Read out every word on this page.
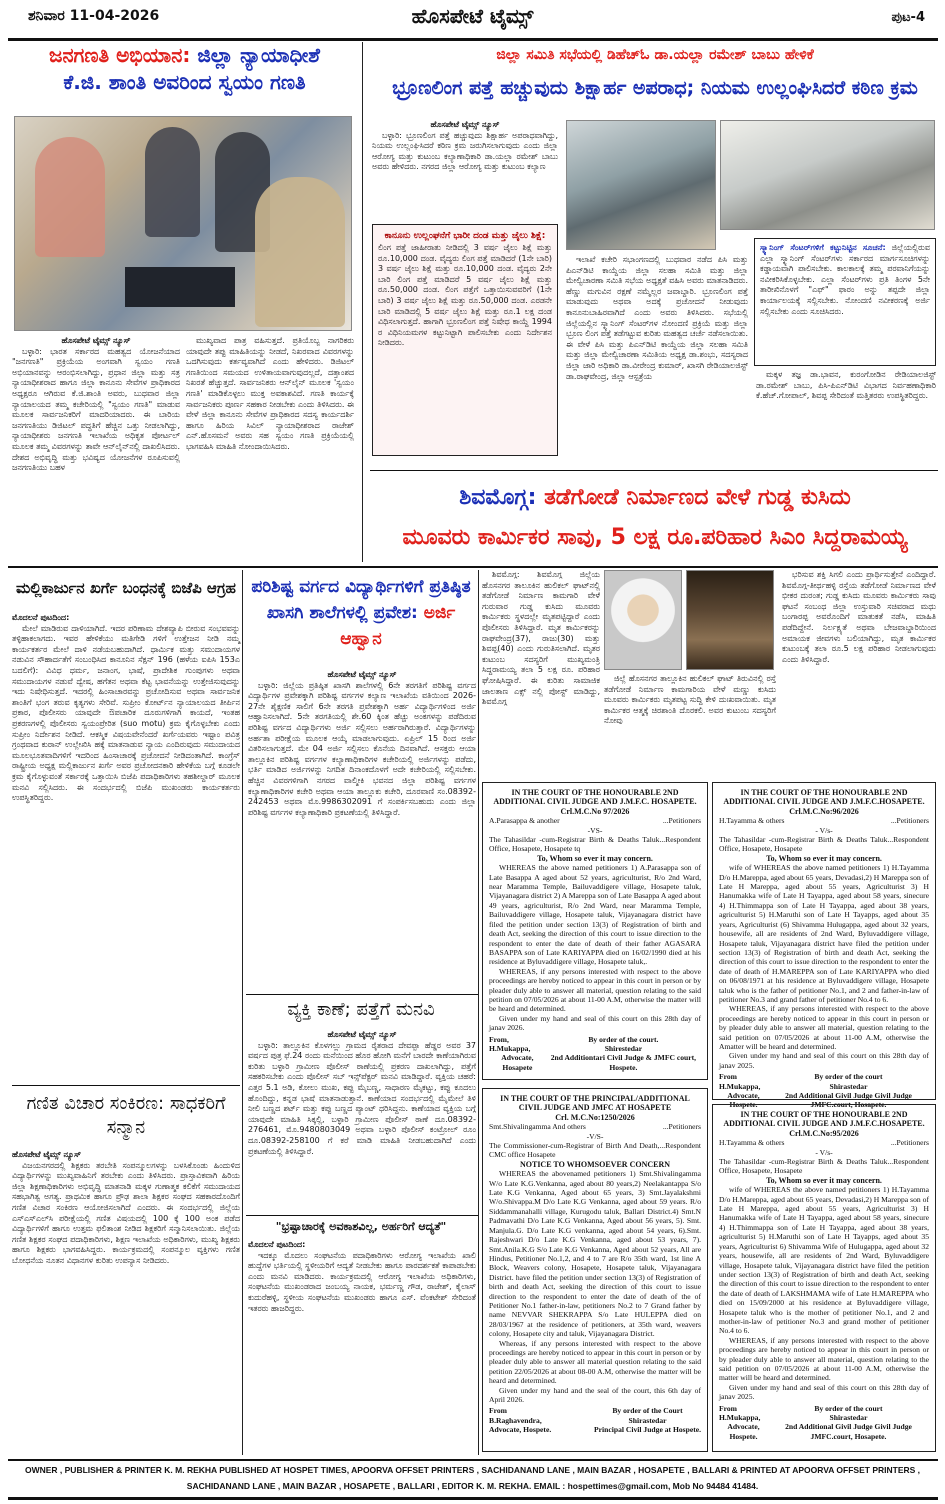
ಹೊಸಪೇಟೆ ಟೈಮ್ಸ್
ಶನಿವಾರ 11-04-2026	ಪುಟ-4
ಜನಗಣತಿ ಅಭಿಯಾನ: ಜಿಲ್ಲಾ ನ್ಯಾಯಾಧೀಶೆ
ಕೆ.ಜಿ. ಶಾಂತಿ ಅವರಿಂದ ಸ್ವಯಂ ಗಣತಿ
ಹೊಸಪೇಟೆ ಟೈಮ್ಸ್ ನ್ಯೂಸ್

ಬಳ್ಳಾರಿ: ಭಾರತ ಸರ್ಕಾರದ ಮಹತ್ವದ ಯೋಜನೆಯಾದ "ಜನಗಣತಿ" ಪ್ರಕ್ರಿಯೆಯ ಅಂಗವಾಗಿ ಸ್ವಯಂ ಗಣತಿ ಅಭಿಯಾನವನ್ನು ಆರಂಭಿಸಲಾಗಿದ್ದು, ಪ್ರಧಾನ ಜಿಲ್ಲಾ ಮತ್ತು ಸತ್ರ ನ್ಯಾಯಾಧೀಶರಾದ ಹಾಗೂ ಜಿಲ್ಲಾ ಕಾನೂನು ಸೇವೆಗಳ ಪ್ರಾಧಿಕಾರದ ಅಧ್ಯಕ್ಷರೂ ಆಗಿರುವ ಕೆ.ಜಿ.ಶಾಂತಿ ಅವರು, ಬುಧವಾರ ಜಿಲ್ಲಾ ನ್ಯಾಯಾಲಯದ ತಮ್ಮ ಕಚೇರಿಯಲ್ಲಿ "ಸ್ವಯಂ ಗಣತಿ" ಮಾಡುವ ಮೂಲಕ ಸಾರ್ವಜನಿಕರಿಗೆ ಮಾದರಿಯಾದರು. ಈ ಬಾರಿಯ ಜನಗಣತಿಯು ಡಿಜಿಟಲ್ ಪದ್ಧತಿಗೆ ಹೆಚ್ಚಿನ ಒತ್ತು ನೀಡಲಾಗಿದ್ದು, ನ್ಯಾಯಾಧೀಶರು ಜನಗಣತಿ ಇಲಾಖೆಯ ಅಧಿಕೃತ ಪೋರ್ಟಲ್ ಮೂಲಕ ತಮ್ಮ ವಿವರಗಳನ್ನು ತಾವೇ ಆನ್‌ಲೈನ್‌ನಲ್ಲಿ ದಾಖಲಿಸಿದರು. ದೇಶದ ಅಭಿವೃದ್ಧಿ ಮತ್ತು ಭವಿಷ್ಯದ ಯೋಜನೆಗಳ ರೂಪಿಸುವಲ್ಲಿ ಜನಗಣತಿಯು ಬಹಳ

ಮುಖ್ಯವಾದ ಪಾತ್ರ ವಹಿಸುತ್ತದೆ. ಪ್ರತಿಯೊಬ್ಬ ನಾಗರಿಕರು ಯಾವುದೇ ತಪ್ಪು ಮಾಹಿತಿಯನ್ನು ನೀಡದೆ, ನಿಖರವಾದ ವಿವರಗಳನ್ನು ಒದಗಿಸುವುದು ಕರ್ತವ್ಯವಾಗಿದೆ ಎಂದು ಹೇಳಿದರು. ಡಿಜಿಟಲ್ ಗಣತಿಯಿಂದ ಸಮಯದ ಉಳಿತಾಯವಾಗುವುದಲ್ಲದೆ, ದತ್ತಾಂಶದ ನಿಖರತೆ ಹೆಚ್ಚುತ್ತದೆ. ಸಾರ್ವಜನಿಕರು ಆನ್‌ಲೈನ್ ಮೂಲಕ 'ಸ್ವಯಂ ಗಣತಿ' ಮಾಡಿಕೊಳ್ಳಲು ಮುಕ್ತ ಅವಕಾಶವಿದೆ. ಗಣತಿ ಕಾರ್ಯಕ್ಕೆ ಸಾರ್ವಜನಿಕರು ಪೂರ್ಣ ಸಹಕಾರ ನೀಡಬೇಕು ಎಂದು ತಿಳಿಸಿದರು. ಈ ವೇಳೆ ಜಿಲ್ಲಾ ಕಾನೂನು ಸೇವೆಗಳ ಪ್ರಾಧಿಕಾರದ ಸದಸ್ಯ ಕಾರ್ಯದರ್ಶಿ ಹಾಗೂ ಹಿರಿಯ ಸಿವಿಲ್ ನ್ಯಾಯಾಧೀಶರಾದ ರಾಜೇಶ್ ಎನ್.ಹೊಸಮನೆ ಅವರು ಸಹ ಸ್ವಯಂ ಗಣತಿ ಪ್ರಕ್ರಿಯೆಯಲ್ಲಿ ಭಾಗವಹಿಸಿ ಮಾಹಿತಿ ನೋಂದಾಯಿಸಿದರು.

ಜಿಲ್ಲಾ ಸಮಿತಿ ಸಭೆಯಲ್ಲಿ ಡಿಹೆಚ್‌ಓ ಡಾ.ಯಲ್ಲಾ ರಮೇಶ್ ಬಾಬು ಹೇಳಿಕೆ
ಭ್ರೂಣಲಿಂಗ ಪತ್ತೆ ಹಚ್ಚುವುದು ಶಿಕ್ಷಾರ್ಹ ಅಪರಾಧ; ನಿಯಮ ಉಲ್ಲಂಘಿಸಿದರೆ ಕಠಿಣ ಕ್ರಮ
ಹೊಸಪೇಟೆ ಟೈಮ್ಸ್ ನ್ಯೂಸ್

ಬಳ್ಳಾರಿ: ಭ್ರೂಣಲಿಂಗ ಪತ್ತೆ ಹಚ್ಚುವುದು ಶಿಕ್ಷಾರ್ಹ ಅಪರಾಧವಾಗಿದ್ದು, ನಿಯಮ ಉಲ್ಲಂಘಿಸಿದರೆ ಕಠಿಣ ಕ್ರಮ ಜರುಗಿಸಲಾಗುವುದು ಎಂದು ಜಿಲ್ಲಾ ಆರೋಗ್ಯ ಮತ್ತು ಕುಟುಂಬ ಕಲ್ಯಾಣಾಧಿಕಾರಿ ಡಾ.ಯಲ್ಲಾ ರಮೇಶ್ ಬಾಬು ಅವರು ಹೇಳಿದರು. ನಗರದ ಜಿಲ್ಲಾ ಆರೋಗ್ಯ ಮತ್ತು ಕುಟುಂಬ ಕಲ್ಯಾಣ

ಕಾನೂನು ಉಲ್ಲಂಘನೆಗೆ ಭಾರೀ ದಂಡ ಮತ್ತು ಜೈಲು ಶಿಕ್ಷೆ:
ಲಿಂಗ ಪತ್ತೆ ಜಾಹೀರಾತು ನೀಡಿದಲ್ಲಿ 3 ವರ್ಷ ಜೈಲು ಶಿಕ್ಷೆ ಮತ್ತು ರೂ.10,000 ದಂಡ. ವೈದ್ಯರು ಲಿಂಗ ಪತ್ತೆ ಮಾಡಿದರೆ (1ನೇ ಬಾರಿ) 3 ವರ್ಷ ಜೈಲು ಶಿಕ್ಷೆ ಮತ್ತು ರೂ.10,000 ದಂಡ. ವೈದ್ಯರು 2ನೇ ಬಾರಿ ಲಿಂಗ ಪತ್ತೆ ಮಾಡಿದರೆ 5 ವರ್ಷ ಜೈಲು ಶಿಕ್ಷೆ ಮತ್ತು ರೂ.50,000 ದಂಡ. ಲಿಂಗ ಪತ್ತೆಗೆ ಒತ್ತಾಯಿಸುವವರಿಗೆ (1ನೇ ಬಾರಿ) 3 ವರ್ಷ ಜೈಲು ಶಿಕ್ಷೆ ಮತ್ತು ರೂ.50,000 ದಂಡ. ಎರಡನೇ ಬಾರಿ ಮಾಡಿದಲ್ಲಿ 5 ವರ್ಷ ಜೈಲು ಶಿಕ್ಷೆ ಮತ್ತು ರೂ.1 ಲಕ್ಷ ದಂಡ ವಿಧಿಸಲಾಗುತ್ತದೆ. ಹಾಗಾಗಿ ಭ್ರೂಣಲಿಂಗ ಪತ್ತೆ ನಿಷೇಧ ಕಾಯ್ದೆ 1994 ರ ವಿಧಿನಿಯಮಗಳ ಕಟ್ಟುನಿಟ್ಟಾಗಿ ಪಾಲಿಸಬೇಕು ಎಂದು ನಿರ್ದೇಶನ ನೀಡಿದರು.

ಇಲಾಖೆ ಕಚೇರಿ ಸಭಾಂಗಣದಲ್ಲಿ ಬುಧವಾರ ನಡೆದ ಪಿಸಿ ಮತ್ತು ಪಿಎನ್‌ಡಿಟಿ ಕಾಯ್ದೆಯ ಜಿಲ್ಲಾ ಸಲಹಾ ಸಮಿತಿ ಮತ್ತು ಜಿಲ್ಲಾ ಮೇಲ್ವಿಚಾರಣಾ ಸಮಿತಿ ಸಭೆಯ ಅಧ್ಯಕ್ಷತೆ ವಹಿಸಿ ಅವರು ಮಾತನಾಡಿದರು. ಹೆಣ್ಣು ಮಗುವಿನ ರಕ್ಷಣೆ ನಮ್ಮೆಲ್ಲರ ಜವಾಬ್ದಾರಿ. ಭ್ರೂಣಲಿಂಗ ಪತ್ತೆ ಮಾಡುವುದು ಅಥವಾ ಅದಕ್ಕೆ ಪ್ರಚೋದನೆ ನೀಡುವುದು ಕಾನೂನುಬಾಹಿರವಾಗಿದೆ ಎಂದು ಅವರು ತಿಳಿಸಿದರು. ಸಭೆಯಲ್ಲಿ ಜಿಲ್ಲೆಯಲ್ಲಿನ ಸ್ಕ್ಯಾನಿಂಗ್ ಸೆಂಟರ್‌ಗಳ ನೋಂದಣಿ ಪ್ರಕ್ರಿಯೆ ಮತ್ತು ಜಿಲ್ಲಾ ಭ್ರೂಣ ಲಿಂಗ ಪತ್ತೆ ತಡೆಗಟ್ಟುವ ಕುರಿತು ಮಹತ್ವದ ಚರ್ಚೆ ನಡೆಸಲಾಯಿತು. ಈ ವೇಳೆ ಪಿಸಿ ಮತ್ತು ಪಿಎನ್‌ಡಿಟಿ ಕಾಯ್ದೆಯ ಜಿಲ್ಲಾ ಸಲಹಾ ಸಮಿತಿ ಮತ್ತು ಜಿಲ್ಲಾ ಮೇಲ್ವಿಚಾರಣಾ ಸಮಿತಿಯ ಅಧ್ಯಕ್ಷ ಡಾ.ಶಂಭು, ಸದಸ್ಯರಾದ ಜಿಲ್ಲಾ ಜಾರಿ ಅಧಿಕಾರಿ ಡಾ.ವೀರೇಂದ್ರ ಕುಮಾರ್, ಖಾಸಗಿ ರೇಡಿಯಾಲಜಿಸ್ಟ್ ಡಾ.ರಾಘವೇಂದ್ರ, ಜಿಲ್ಲಾ ಆಸ್ಪತ್ರೆಯ

ಸ್ಕ್ಯಾನಿಂಗ್ ಸೆಂಟರ್‌ಗಳಿಗೆ ಕಟ್ಟುನಿಟ್ಟಿನ ಸೂಚನೆ: ಜಿಲ್ಲೆಯಲ್ಲಿರುವ ಎಲ್ಲಾ ಸ್ಕ್ಯಾನಿಂಗ್ ಸೆಂಟರ್‌ಗಳು ಸರ್ಕಾರದ ಮಾರ್ಗಸೂಚಿಗಳನ್ನು ಕಡ್ಡಾಯವಾಗಿ ಪಾಲಿಸಬೇಕು. ಕಾಲಕಾಲಕ್ಕೆ ತಮ್ಮ ಪರವಾನಿಗೆಯನ್ನು ನವೀಕರಿಸಿಕೊಳ್ಳಬೇಕು. ಎಲ್ಲಾ ಸೆಂಟರ್‌ಗಳು ಪ್ರತಿ ತಿಂಗಳ 5ನೇ ತಾರೀಖಿನೊಳಗೆ "ಎಫ್" ಫಾರಂ ಅನ್ನು ತಪ್ಪದೇ ಜಿಲ್ಲಾ ಕಾರ್ಯಾಲಯಕ್ಕೆ ಸಲ್ಲಿಸಬೇಕು. ನೋಂದಣಿ ನವೀಕರಣಕ್ಕೆ ಅರ್ಜಿ ಸಲ್ಲಿಸಬೇಕು ಎಂದು ಸೂಚಿಸಿದರು.

ಮಕ್ಕಳ ತಜ್ಞ ಡಾ.ಭಾವನ, ಕುರಂಗೋಡಿನ ರೇಡಿಯಾಲಜಿಸ್ಟ್ ಡಾ.ರಮೇಶ್ ಬಾಬು, ಪಿಸಿ-ಪಿಎನ್‌ಡಿಟಿ ವಿಭಾಗದ ನಿರ್ವಹಣಾಧಿಕಾರಿ ಕೆ.ಹೆಚ್.ಗೋಪಾಲ್, ಶಿವಪ್ಪ ಸೇರಿದಂತೆ ಮತ್ತಿತರರು ಉಪಸ್ಥಿತರಿದ್ದರು.

ಶಿವಮೊಗ್ಗ: ತಡೆಗೋಡೆ ನಿರ್ಮಾಣದ ವೇಳೆ ಗುಡ್ಡ ಕುಸಿದು
ಮೂವರು ಕಾರ್ಮಿಕರ ಸಾವು, 5 ಲಕ್ಷ ರೂ.ಪರಿಹಾರ ಸಿಎಂ ಸಿದ್ದರಾಮಯ್ಯ
ಮಲ್ಲಿಕಾರ್ಜುನ ಖರ್ಗೆ ಬಂಧನಕ್ಕೆ ಬಿಜೆಪಿ ಆಗ್ರಹ
ಮೊದಲನೆ ಪುಟದಿಂದ:

ಮೇಲೆ ಮಾಡಿರುವ ದಾಳಿಯಾಗಿದೆ. ಇದರ ಪರಿಣಾಮ ದೇಶವ್ಯಾಪಿ ಬೀರುವ ಸಂಭವವನ್ನು ತಳ್ಳಿಹಾಕಲಾಗದು. ಇವರ ಹೇಳಿಕೆಯು ಮತಿಗೇಡಿ ಗಳಿಗೆ ಉತ್ತೇಜನ ನೀಡಿ ನಮ್ಮ ಕಾರ್ಯಕರ್ತರ ಮೇಲೆ ದಾಳಿ ನಡೆಯಬಹುದಾಗಿದೆ. ಧಾರ್ಮಿಕ ಮತ್ತು ಸಮುದಾಯಗಳ ನಡುವಿನ ಸೌಹಾರ್ದತೆಗೆ ಸಂಬಂಧಿಸಿದ ಕಾನೂನಿನ ಸೆಕ್ಷನ್ 196 (ಹಳೆಯ ಐಪಿಸಿ 153ಎ ಬದಲಿಗೆ): ವಿವಿಧ ಧರ್ಮ, ಜನಾಂಗ, ಭಾಷೆ, ಪ್ರಾದೇಶಿಕ ಗುಂಪುಗಳು ಅಥವಾ ಸಮುದಾಯಗಳ ನಡುವೆ ದ್ವೇಷ, ಹಗೆತನ ಅಥವಾ ಕೆಟ್ಟ ಭಾವನೆಯನ್ನು ಉತ್ತೇಜಿಸುವುದನ್ನು ಇದು ನಿಷೇಧಿಸುತ್ತದೆ. ಇದರಲ್ಲಿ ಹಿಂಸಾಚಾರವನ್ನು ಪ್ರಚೋದಿಸುವ ಅಥವಾ ಸಾರ್ವಜನಿಕ ಶಾಂತಿಗೆ ಭಂಗ ತರುವ ಕೃತ್ಯಗಳು ಸೇರಿವೆ. ಸುಪ್ರೀಂ ಕೋರ್ಟ್‌ನ ನ್ಯಾಯಾಲಯದ ತೀರ್ಪಿನ ಪ್ರಕಾರ, ಪೊಲೀಸರು ಯಾವುದೇ ಔಪಚಾರಿಕ ದೂರುಗಳಿಗಾಗಿ ಕಾಯದೆ, ಇಂತಹ ಪ್ರಕರಣಗಳಲ್ಲಿ ಪೊಲೀಸರು ಸ್ವಯಂಪ್ರೇರಿತ (suo motu) ಕ್ರಮ ಕೈಗೊಳ್ಳಬೇಕು ಎಂದು ಸುಪ್ರೀಂ ನಿರ್ದೇಶನ ನೀಡಿದೆ. ಆಕಸ್ಮಿಕ ವಿಷಯವೇನೆಂದರೆ ಖರ್ಗೆಯವರು ಇಷ್ಟಾಂ ಪವಿತ್ರ ಗ್ರಂಥವಾದ ಕುರಾನ್ ಉಲ್ಲೇಖಿಸಿ ಹಕ್ಕೆ ಮಾತನಾಡುವ ನ್ಯಾಯ ಎಂದಿರುವುದು ಸಮುದಾಯದ ಮೂಲಭೂತವಾದಿಗಳಿಗೆ ಇದರಿಂದ ಹಿಂಸಾಚಾರಕ್ಕೆ ಪ್ರಚೋದನೆ ನೀಡಿದಂತಾಗಿದೆ. ಕಾಂಗ್ರೆಸ್ ರಾಷ್ಟ್ರೀಯ ಅಧ್ಯಕ್ಷ ಮಲ್ಲಿಕಾರ್ಜುನ ಖರ್ಗೆ ಅವರ ಪ್ರಚೋದನಕಾರಿ ಹೇಳಿಕೆಯ ಬಗ್ಗೆ ಕೂಡಲೇ ಕ್ರಮ ಕೈಗೊಳ್ಳುವಂತೆ ಸರ್ಕಾರಕ್ಕೆ ಒತ್ತಾಯಿಸಿ ಬಿಜೆಪಿ ಪದಾಧಿಕಾರಿಗಳು ತಹಶೀಲ್ದಾರ್ ಮೂಲಕ ಮನವಿ ಸಲ್ಲಿಸಿದರು. ಈ ಸಂದರ್ಭದಲ್ಲಿ ಬಿಜೆಪಿ ಮುಖಂಡರು ಕಾರ್ಯಕರ್ತರು ಉಪಸ್ಥಿತರಿದ್ದರು.

ಗಣಿತ ವಿಚಾರ ಸಂಕಿರಣ: ಸಾಧಕರಿಗೆ ಸನ್ಮಾನ
ಹೊಸಪೇಟೆ ಟೈಮ್ಸ್ ನ್ಯೂಸ್

ವಿಜಯನಗರದಲ್ಲಿ ಶಿಕ್ಷಕರು ತರಬೇತಿ ಸಂಪನ್ಮೂಲಗಳನ್ನು ಬಳಸಿಕೊಂಡು ಹಿಂದುಳಿದ ವಿದ್ಯಾರ್ಥಿಗಳನ್ನು ಮುಖ್ಯವಾಹಿನಿಗೆ ತರಬೇಕು ಎಂದು ತಿಳಿಸಿದರು. ಪ್ರಾಸ್ತಾವಿಕವಾಗಿ ಹಿರಿಯ ಜಿಲ್ಲಾ ಶಿಕ್ಷಣಾಧಿಕಾರಿಗಳು ಅಭಿವೃದ್ಧಿ ಮಾತನಾಡಿ ಮಕ್ಕಳ ಗುಣಾತ್ಮಕ ಕಲಿಕೆಗೆ ಸಮುದಾಯದ ಸಹಭಾಗಿತ್ವ ಅಗತ್ಯ. ಪ್ರಾಥಮಿಕ ಹಾಗೂ ಪ್ರೌಢ ಶಾಲಾ ಶಿಕ್ಷಕರ ಸಂಘದ ಸಹಕಾರದೊಂದಿಗೆ ಗಣಿತ ವಿಚಾರ ಸಂಕಿರಣ ಆಯೋಜಿಸಲಾಗಿದೆ ಎಂದರು. ಈ ಸಂದರ್ಭದಲ್ಲಿ ಜಿಲ್ಲೆಯ ಎಸ್‌ಎಸ್‌ಎಲ್‌ಸಿ ಪರೀಕ್ಷೆಯಲ್ಲಿ ಗಣಿತ ವಿಷಯದಲ್ಲಿ 100 ಕ್ಕೆ 100 ಅಂಕ ಪಡೆದ ವಿದ್ಯಾರ್ಥಿಗಳಿಗೆ ಹಾಗೂ ಉತ್ತಮ ಫಲಿತಾಂಶ ನೀಡಿದ ಶಿಕ್ಷಕರಿಗೆ ಸನ್ಮಾನಿಸಲಾಯಿತು. ಜಿಲ್ಲೆಯ ಗಣಿತ ಶಿಕ್ಷಕರ ಸಂಘದ ಪದಾಧಿಕಾರಿಗಳು, ಶಿಕ್ಷಣ ಇಲಾಖೆಯ ಅಧಿಕಾರಿಗಳು, ಮುಖ್ಯ ಶಿಕ್ಷಕರು ಹಾಗೂ ಶಿಕ್ಷಕರು ಭಾಗವಹಿಸಿದ್ದರು. ಕಾರ್ಯಕ್ರಮದಲ್ಲಿ ಸಂಪನ್ಮೂಲ ವ್ಯಕ್ತಿಗಳು ಗಣಿತ ಬೋಧನೆಯ ನೂತನ ವಿಧಾನಗಳ ಕುರಿತು ಉಪನ್ಯಾಸ ನೀಡಿದರು.

ಪರಿಶಿಷ್ಟ ವರ್ಗದ ವಿದ್ಯಾರ್ಥಿಗಳಿಗೆ ಪ್ರತಿಷ್ಠಿತ ಖಾಸಗಿ ಶಾಲೆಗಳಲ್ಲಿ ಪ್ರವೇಶ: ಅರ್ಜಿ ಆಹ್ವಾನ
ಹೊಸಪೇಟೆ ಟೈಮ್ಸ್ ನ್ಯೂಸ್

ಬಳ್ಳಾರಿ: ಜಿಲ್ಲೆಯ ಪ್ರತಿಷ್ಠಿತ ಖಾಸಗಿ ಶಾಲೆಗಳಲ್ಲಿ 6ನೇ ತರಗತಿಗೆ ಪರಿಶಿಷ್ಟ ವರ್ಗದ ವಿದ್ಯಾರ್ಥಿಗಳ ಪ್ರವೇಶಕ್ಕಾಗಿ ಪರಿಶಿಷ್ಟ ವರ್ಗಗಳ ಕಲ್ಯಾಣ ಇಲಾಖೆಯ ವತಿಯಿಂದ 2026-27ನೇ ಶೈಕ್ಷಣಿಕ ಸಾಲಿಗೆ 6ನೇ ತರಗತಿ ಪ್ರವೇಶಕ್ಕಾಗಿ ಅರ್ಹ ವಿದ್ಯಾರ್ಥಿಗಳಿಂದ ಅರ್ಜಿ ಆಹ್ವಾನಿಸಲಾಗಿದೆ. 5ನೇ ತರಗತಿಯಲ್ಲಿ ಶೇ.60 ಕ್ಕಿಂತ ಹೆಚ್ಚು ಅಂಕಗಳನ್ನು ಪಡೆದಿರುವ ಪರಿಶಿಷ್ಟ ವರ್ಗದ ವಿದ್ಯಾರ್ಥಿಗಳು ಅರ್ಜಿ ಸಲ್ಲಿಸಲು ಅರ್ಹರಾಗಿರುತ್ತಾರೆ. ವಿದ್ಯಾರ್ಥಿಗಳನ್ನು ಅರ್ಹತಾ ಪರೀಕ್ಷೆಯ ಮೂಲಕ ಆಯ್ಕೆ ಮಾಡಲಾಗುವುದು. ಏಪ್ರಿಲ್ 15 ರಿಂದ ಅರ್ಜಿ ವಿತರಿಸಲಾಗುತ್ತದೆ. ಮೇ 04 ಅರ್ಜಿ ಸಲ್ಲಿಸಲು ಕೊನೆಯ ದಿನವಾಗಿದೆ. ಆಸಕ್ತರು ಆಯಾ ತಾಲ್ಲೂಕಿನ ಪರಿಶಿಷ್ಟ ವರ್ಗಗಳ ಕಲ್ಯಾಣಾಧಿಕಾರಿಗಳ ಕಚೇರಿಯಲ್ಲಿ ಅರ್ಜಿಗಳನ್ನು ಪಡೆದು, ಭರ್ತಿ ಮಾಡಿದ ಅರ್ಜಿಗಳನ್ನು ನಿಗದಿತ ದಿನಾಂಕದೊಳಗೆ ಅದೇ ಕಚೇರಿಯಲ್ಲಿ ಸಲ್ಲಿಸಬೇಕು. ಹೆಚ್ಚಿನ ವಿವರಗಳಿಗಾಗಿ ನಗರದ ವಾಲ್ಮೀಕಿ ಭವನದ ಜಿಲ್ಲಾ ಪರಿಶಿಷ್ಟ ವರ್ಗಗಳ ಕಲ್ಯಾಣಾಧಿಕಾರಿಗಳ ಕಚೇರಿ ಅಥವಾ ಆಯಾ ತಾಲ್ಲೂಕು ಕಚೇರಿ, ದೂರವಾಣಿ ಸಂ.08392-242453 ಅಥವಾ ಮೊ.9986302091 ಗೆ ಸಂಪರ್ಕಿಸಬಹುದು ಎಂದು ಜಿಲ್ಲಾ ಪರಿಶಿಷ್ಟ ವರ್ಗಗಳ ಕಲ್ಯಾಣಾಧಿಕಾರಿ ಪ್ರಕಟಣೆಯಲ್ಲಿ ತಿಳಿಸಿದ್ದಾರೆ.

ವ್ಯಕ್ತಿ ಕಾಣೆ; ಪತ್ತೆಗೆ ಮನವಿ
ಹೊಸಪೇಟೆ ಟೈಮ್ಸ್ ನ್ಯೂಸ್

ಬಳ್ಳಾರಿ: ತಾಲ್ಲೂಕಿನ ಕೊಳಗಲ್ಲು ಗ್ರಾಮದ ರೈತರಾದ ದೇವಪ್ಪಾ ಹೆಡ್ಡರ ಅವರ 37 ವರ್ಷದ ಪುತ್ರ ಫೆ.24 ರಂದು ಮನೆಯಿಂದ ಹೊರ ಹೋಗಿ ಮನೆಗೆ ಬಾರದೇ ಕಾಣೆಯಾಗಿರುವ ಕುರಿತು ಬಳ್ಳಾರಿ ಗ್ರಾಮೀಣ ಪೊಲೀಸ್ ಠಾಣೆಯಲ್ಲಿ ಪ್ರಕರಣ ದಾಖಲಾಗಿದ್ದು, ಪತ್ತೆಗೆ ಸಹಕರಿಸಬೇಕು ಎಂದು ಪೊಲೀಸ್ ಸಬ್ ಇನ್ಸ್‌ಪೆಕ್ಟರ್ ಮನವಿ ಮಾಡಿದ್ದಾರೆ. ವ್ಯಕ್ತಿಯ ಚಹರೆ: ಎತ್ತರ 5.1 ಅಡಿ, ಕೋಲು ಮುಖ, ಕಪ್ಪು ಮೈಬಣ್ಣ, ಸಾಧಾರಣ ಮೈಕಟ್ಟು, ಕಪ್ಪು ಕೂದಲು ಹೊಂದಿದ್ದು, ಕನ್ನಡ ಭಾಷೆ ಮಾತನಾಡುತ್ತಾನೆ. ಕಾಣೆಯಾದ ಸಂದರ್ಭದಲ್ಲಿ ಮೈಮೇಲೆ ತಿಳಿ ನೀಲಿ ಬಣ್ಣದ ಶರ್ಟ್ ಮತ್ತು ಕಪ್ಪು ಬಣ್ಣದ ಪ್ಯಾಂಟ್ ಧರಿಸಿದ್ದನು. ಕಾಣೆಯಾದ ವ್ಯಕ್ತಿಯ ಬಗ್ಗೆ ಯಾವುದೇ ಮಾಹಿತಿ ಸಿಕ್ಕಲ್ಲಿ, ಬಳ್ಳಾರಿ ಗ್ರಾಮೀಣ ಪೊಲೀಸ್ ಠಾಣೆ ದೂ.08392-276461, ಮೊ.9480803049 ಅಥವಾ ಬಳ್ಳಾರಿ ಪೊಲೀಸ್ ಕಂಟ್ರೋಲ್ ರೂಂ ದೂ.08392-258100 ಗೆ ಕರೆ ಮಾಡಿ ಮಾಹಿತಿ ನೀಡಬಹುದಾಗಿದೆ ಎಂದು ಪ್ರಕಟಣೆಯಲ್ಲಿ ತಿಳಿಸಿದ್ದಾರೆ.

"ಭ್ರಷ್ಟಾಚಾರಕ್ಕೆ ಅವಕಾಶವಿಲ್ಲ, ಅರ್ಹರಿಗೆ ಆದ್ಯತೆ"
ಮೊದಲನೆ ಪುಟದಿಂದ:

ಇದಕ್ಕೂ ಮೊದಲು ಸಂಘಟನೆಯ ಪದಾಧಿಕಾರಿಗಳು ಆರೋಗ್ಯ ಇಲಾಖೆಯ ಖಾಲಿ ಹುದ್ದೆಗಳ ಭರ್ತಿಯಲ್ಲಿ ಸ್ಥಳೀಯರಿಗೆ ಆದ್ಯತೆ ನೀಡಬೇಕು ಹಾಗೂ ಪಾರದರ್ಶಕತೆ ಕಾಪಾಡಬೇಕು ಎಂದು ಮನವಿ ಮಾಡಿದರು. ಕಾರ್ಯಕ್ರಮದಲ್ಲಿ ಆರೋಗ್ಯ ಇಲಾಖೆಯ ಅಧಿಕಾರಿಗಳು, ಸಂಘಟನೆಯ ಮುಖಂಡರಾದ ಜಂಬಯ್ಯ ನಾಯಕ, ಭರ್ಮಣ್ಣ ಗೌಡ, ರಾಜೇಶ್, ಕೈಲಾಸ್ ಕುದುರೆಹಳ್ಳಿ, ಸ್ಥಳೀಯ ಸಂಘಟನೆಯ ಮುಖಂಡರು ಹಾಗೂ ಎಸ್. ವೆಂಕಟೇಶ್ ಸೇರಿದಂತೆ ಇತರರು ಹಾಜರಿದ್ದರು.

ಶಿವಮೊಗ್ಗ: ಶಿವಮೊಗ್ಗ ಜಿಲ್ಲೆಯ ಹೊಸನಗರ ತಾಲೂಕಿನ ಹುಲಿಕಲ್ ಘಾಟ್‌ನಲ್ಲಿ ತಡೆಗೋಡೆ ನಿರ್ಮಾಣ ಕಾಮಗಾರಿ ವೇಳೆ ಗುರುವಾರ ಗುಡ್ಡ ಕುಸಿದು ಮೂವರು ಕಾರ್ಮಿಕರು ಸ್ಥಳದಲ್ಲೇ ಮೃತಪಟ್ಟಿದ್ದಾರೆ ಎಂದು ಪೊಲೀಸರು ತಿಳಿಸಿದ್ದಾರೆ. ಮೃತ ಕಾರ್ಮಿಕರನ್ನು ರಾಘವೇಂದ್ರ(37), ರಾಜು(30) ಮತ್ತು ಶಿವಪ್ಪ(40) ಎಂದು ಗುರುತಿಸಲಾಗಿದೆ. ಮೃತರ ಕುಟುಂಬ ಸದಸ್ಯರಿಗೆ ಮುಖ್ಯಮಂತ್ರಿ ಸಿದ್ದರಾಮಯ್ಯ ತಲಾ 5 ಲಕ್ಷ ರೂ. ಪರಿಹಾರ ಘೋಷಿಸಿದ್ದಾರೆ. ಈ ಕುರಿತು ಸಾಮಾಜಿಕ ಜಾಲತಾಣ ಎಕ್ಸ್ ನಲ್ಲಿ ಪೋಸ್ಟ್ ಮಾಡಿದ್ದು, ಶಿವಮೊಗ್ಗ

ಜಿಲ್ಲೆ ಹೊಸನಗರ ತಾಲ್ಲೂಕಿನ ಹುಲಿಕಲ್ ಘಾಟ್ ತಿರುವಿನಲ್ಲಿ ರಸ್ತೆ ತಡೆಗೋಡೆ ನಿರ್ಮಾಣ ಕಾಮಗಾರಿಯ ವೇಳೆ ಮಣ್ಣು ಕುಸಿದು ಮೂವರು ಕಾರ್ಮಿಕರು ಮೃತಪಟ್ಟ ಸುದ್ದಿ ಕೇಳಿ ದುಃಖವಾಯಿತು. ಮೃತ ಕಾರ್ಮಿಕರ ಆತ್ಮಕ್ಕೆ ಚಿರಶಾಂತಿ ದೊರಕಲಿ. ಅವರ ಕುಟುಂಬ ಸದಸ್ಯರಿಗೆ ನೋವು

ಭರಿಸುವ ಶಕ್ತಿ ಸಿಗಲಿ ಎಂದು ಪ್ರಾರ್ಥಿಸುತ್ತೇನೆ ಎಂದಿದ್ದಾರೆ. ಶಿವಮೊಗ್ಗ-ತೀರ್ಥಹಳ್ಳಿ ರಸ್ತೆಯ ತಡೆಗೋಡೆ ನಿರ್ಮಾಣದ ವೇಳೆ ಭೀಕರ ದುರಂತ; ಗುಡ್ಡ ಕುಸಿದು ಮೂವರು ಕಾರ್ಮಿಕರು ಸಾವು ಘಟನೆ ಸಂಬಂಧ ಜಿಲ್ಲಾ ಉಸ್ತುವಾರಿ ಸಚಿವರಾದ ಮಧು ಬಂಗಾರಪ್ಪ ಅವರೊಂದಿಗೆ ಮಾತುಕತೆ ನಡೆಸಿ, ಮಾಹಿತಿ ಪಡೆದಿದ್ದೇನೆ. ನಿರ್ಲಕ್ಷ್ಯತೆ ಅಥವಾ ಬೇಜವಾಬ್ದಾರಿಯಿಂದ ಅಮಾಯಕ ಜೀವಗಳು ಬಲಿಯಾಗಿದ್ದು, ಮೃತ ಕಾರ್ಮಿಕರ ಕುಟುಂಬಕ್ಕೆ ತಲಾ ರೂ.5 ಲಕ್ಷ ಪರಿಹಾರ ನೀಡಲಾಗುವುದು ಎಂದು ತಿಳಿಸಿದ್ದಾರೆ.

IN THE COURT OF THE HONOURABLE 2ND ADDITIONAL CIVIL JUDGE AND J.M.F.C. HOSAPETE.
Crl.M.C.No 97/2026
A.Parasappa & another	...Petitioners
-VS-
The Tahasildar -cum-Registrar Birth & Deaths Taluk Office, Hosapete, Hosapete tq
...Respondent
To, Whom so ever it may concern.

WHEREAS the above named petitioners 1) A.Parasappa son of Late Basappa A aged about 52 years, agriculturist, R/o 2nd Ward, near Maramma Temple, Bailuvaddigere village, Hosapete taluk, Vijayanagara district 2) A Mareppa son of Late Basappa A aged about 49 years, agriculturist, R/o 2nd Ward, near Maramma Temple, Bailuvaddigere village, Hosapete taluk, Vijayanagara district have filed the petition under section 13(3) of Registration of birth and death Act, seeking the direction of this court to issue direction to the respondent to enter the date of death of their father AGASARA BASAPPA son of Late KARIYAPPA died on 16/02/1990 died at his residence at Byluvaddigere village, Hosapete taluk,.

WHEREAS, if any persons interested with respect to the above proceedings are hereby noticed to appear in this court in person or by pleader duly able to answer all material, question relating to the said petition on 07/05/2026 at about 11-00 A.M, otherwise the matter will be heard and determined.

Given under my hand and seal of this court on this 28th day of janav 2026.

From,
H.Mukappa,
Advocate, Hosapete
By order of the court.
Shirestedar
2nd Additiontari Civil Judge & JMFC court, Hospete.
IN THE COURT OF THE HONOURABLE 2ND ADDITIONAL CIVIL JUDGE AND J.M.F.C.HOSAPETE.
Crl.M.C.No:96/2026
H.Tayamma & others	...Petitioners
- V/s-
The Tahasildar -cum-Registrar Birth & Deaths Taluk Office, Hosapete, Hosapete
...Respondent
To, Whom so ever it may concern.

wife of WHEREAS the above named petitioners 1) H.Tayamma D/o H.Mareppa, aged about 65 years, Devadasi,2) H Mareppa son of Late H Mareppa, aged about 55 years, Agriculturist 3) H Hanumakka wife of Late H Tayappa, aged about 58 years, sinecure 4) H.Thimmappa son of Late H Tayappa, aged about 38 years, agriculturist 5) H.Maruthi son of Late H Tayapps, aged about 35 years, Agriculturist (6) Shivamma Hulugappa, aged about 32 years, housewife, all are residents of 2nd Ward, Byluvaddigere village, Hosapete taluk, Vijayanagara district have filed the petition under section 13(3) of Registration of birth and death Act, seeking the direction of this court to issue direction to the respondent to enter the date of death of H.MAREPPA son of Late KARIYAPPA who died on 06/08/1971 at his residence at Byluvaddigere village, Hosapete taluk who is the father of petitioner No.1, and 2 and father-in-law of petitioner No.3 and grand father of petitioner No.4 to 6.

WHEREAS, if any persons interested with respect to the above proceedings are hereby noticed to appear in this court in person or by pleader duly able to answer all material, question relating to the said petition on 07/05/2026 at about 11-00 A.M, otherwise the Amatter will be heard and determined.

Given under my hand and seal of this court on this 28th day of janav 2025.

From
H.Mukappa,
Advocate, Hospete.
By order of the court
Shirastedar
2nd Additional Givil Judge Givil Judge JMFC.court, Hosapete.
IN THE COURT OF THE PRINCIPAL/ADDITIONAL CIVIL JUDGE AND JMFC AT HOSAPETE
Crl. M.C.No:1250/2026
Smt.Shivalingamma And others	...Petitioners
-V/S-
The Commissioner-cum-Registrar of Birth And Death, CMC office Hosapete
...Respondent
NOTICE TO WHOMSOEVER CONCERN

WHEREAS the abovenamed petitioners 1) Smt.Shivalingamma W/o Late K.G.Venkanna, aged about 80 years,2) Neelakantappa S/o Late K.G Venkanna, Aged about 65 years, 3) Smt.Jayalakshmi W/o.Shivappa.M D/o Late K.G Venkanna, aged about 59 years. R/o Siddammanahalli village, Kurugodu taluk, Ballari District.4) Smt.N Padmavathi D/o Late K.G Venkanna, Aged about 56 years, 5). Smt. Manjula.G. D/o Late K.G venkanna, aged about 54 years, 6).Smt. Rajeshwari D/o Late K.G Venkanna, aged about 53 years, 7). Smt.Anila.K.G S/o Late K.G Venkanna, Aged about 52 years, All are Hindus, Petitioner No.1,2, and 4 to 7 are R/o 35th ward, 1st line A Block, Weavers colony, Hosapete, Hosapete taluk, Vijayanagara District. have filed the petition under section 13(3) of Registration of birth and death Act, seeking the direction of this court to issue direction to the respondent to enter the date of death of the of Petitioner No.1 father-in-law, petitioners No.2 to 7 Grand father by name NEVVAR SHEKRAPPA S/o Late HULEPPA died on 28/03/1967 at the residence of petitioners, at 35th ward, weavers colony, Hosapete city and taluk, Vijayanagara District.

Whereas, if any persons interested with respect to the above proceedings are hereby noticed to appear in this court in person or by pleader duly able to answer all material question relating to the said petition 22/05/2026 at about 08-00 A.M, otherwise the matter will be heard and determined.

Given under my hand and the seal of the court, this 6th day of April 2026.

From
B.Raghavendra,
Advocate, Hospete.
By order of the Court
Shirastedar
Principal Civil Judge at Hospete.
IN THE COURT OF THE HONOURABLE 2ND ADDITIONAL CIVIL JUDGE AND J.M.F.C.HOSAPETE.
Crl.M.C.No:95/2026
H.Tayamma & others	...Petitioners
- V/s-
The Tahasildar -cum-Registrar Birth & Deaths Taluk Office, Hosapete, Hosapete
...Respondent
To, Whom so ever it may concern.

wife of WHEREAS the above named petitioners 1) H.Tayamma D/o H.Mareppa, aged about 65 years, Devadasi,2) H Mareppa son of Late H Mareppa, aged about 55 years, Agriculturist 3) H Hanumakka wife of Late H Tayappa, aged about 58 years, sinecure 4) H.Thimmappa son of Late H Tayappa, aged about 38 years, agriculturist 5) H.Maruthi son of Late H Tayapps, aged about 35 years, Agriculturist 6) Shivamma Wife of Hulugappa, aged about 32 years, housewife, all are residents of 2nd Ward, Byluvaddigere village, Hosapete taluk, Vijayanagara district have filed the petition under section 13(3) of Registration of birth and death Act, seeking the direction of this court to issue direction to the respondent to enter the date of death of LAKSHMAMA wife of Late H.MAREPPA who died on 15/09/2000 at his residence at Byluvaddigere village, Hosapete taluk who is the mother of petitioner No.1, and 2 and mother-in-law of petitioner No.3 and grand mother of petitioner No.4 to 6.

WHEREAS, if any persons interested with respect to the above proceedings are hereby noticed to appear in this court in person or by pleader duly able to answer all material, question relating to the said petition on 07/05/2026 at about 11-00 A.M, otherwise the matter will be heard and determined.

Given under my hand and seal of this court on this 28th day of janav 2025.

From
H.Mukappa,
Advocate, Hospete.
By order of the court
Shirastedar
2nd Additional Givil Judge Givil Judge JMFC.court, Hosapete.
OWNER , PUBLISHER & PRINTER K. M. REKHA PUBLISHED AT HOSPET TIMES, APOORVA OFFSET PRINTERS , SACHIDANAND LANE , MAIN BAZAR , HOSAPETE , BALLARI & PRINTED AT APOORVA OFFSET PRINTERS ,
SACHIDANAND LANE , MAIN BAZAR , HOSAPETE , BALLARI , EDITOR K. M. REKHA. EMAIL : hospettimes@gmail.com, Mob No 94484 41484.
